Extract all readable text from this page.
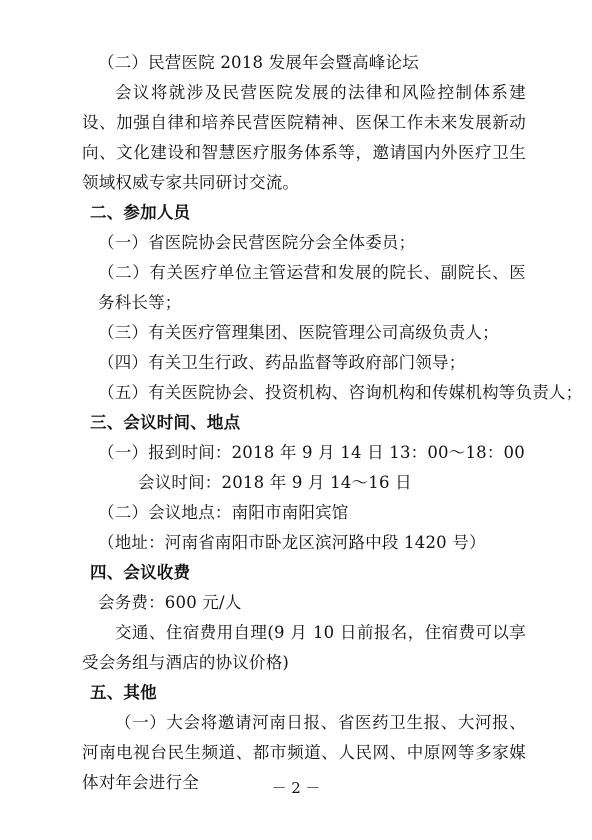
（二）民营医院 2018 发展年会暨高峰论坛
会议将就涉及民营医院发展的法律和风险控制体系建设、加强自律和培养民营医院精神、医保工作未来发展新动向、文化建设和智慧医疗服务体系等，邀请国内外医疗卫生领域权威专家共同研讨交流。
二、参加人员
（一）省医院协会民营医院分会全体委员；
（二）有关医疗单位主管运营和发展的院长、副院长、医务科长等；
（三）有关医疗管理集团、医院管理公司高级负责人；
（四）有关卫生行政、药品监督等政府部门领导；
（五）有关医院协会、投资机构、咨询机构和传媒机构等负责人；
三、会议时间、地点
（一）报到时间：2018 年 9 月 14 日 13：00～18：00
会议时间：2018 年 9 月 14～16 日
（二）会议地点：南阳市南阳宾馆
（地址：河南省南阳市卧龙区滨河路中段 1420 号）
四、会议收费
会务费：600 元/人
交通、住宿费用自理(9 月 10 日前报名，住宿费可以享受会务组与酒店的协议价格)
五、其他
（一）大会将邀请河南日报、省医药卫生报、大河报、河南电视台民生频道、都市频道、人民网、中原网等多家媒体对年会进行全	－ 2 －
